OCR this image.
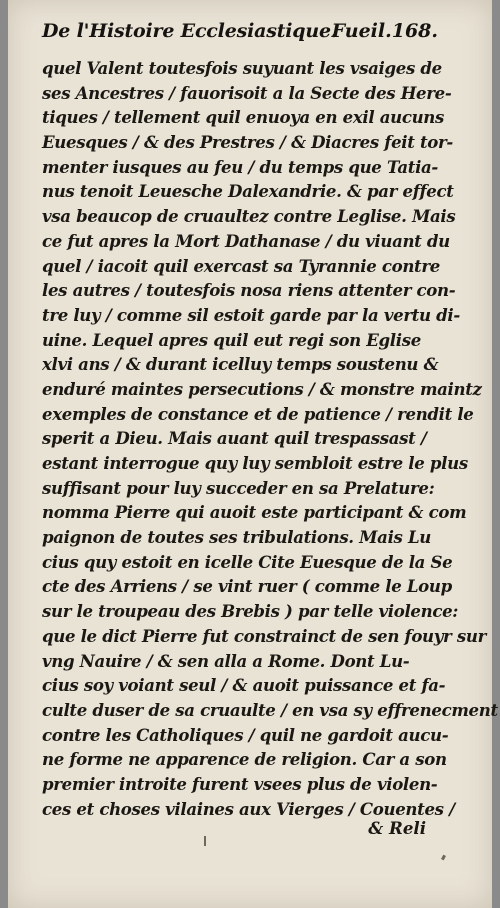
De l'Histoire Ecclesiastique.
Fueil.168.
quel Valent toutesfois suyuant les vsaiges de
ses Ancestres / fauorisoit a la Secte des Here-
tiques / tellement quil enuoya en exil aucuns
Euesques / & des Prestres / & Diacres feit tor-
menter iusques au feu / du temps que Tatia-
nus tenoit Leuesche Dalexandrie. & par effect
vsa beaucop de cruaultez contre Leglise. Mais
ce fut apres la Mort Dathanase / du viuant du
quel / iacoit quil exercast sa Tyrannie contre
les autres / toutesfois nosa riens attenter con-
tre luy / comme sil estoit garde par la vertu di-
uine. Lequel apres quil eut regi son Eglise
xlvi ans / & durant icelluy temps soustenu &
enduré maintes persecutions / & monstre maintz
exemples de constance et de patience / rendit le
sperit a Dieu. Mais auant quil trespassast /
estant interrogue quy luy sembloit estre le plus
suffisant pour luy succeder en sa Prelature:
nomma Pierre qui auoit este participant & com
paignon de toutes ses tribulations. Mais Lu
cius quy estoit en icelle Cite Euesque de la Se
cte des Arriens / se vint ruer ( comme le Loup
sur le troupeau des Brebis ) par telle violence:
que le dict Pierre fut constrainct de sen fouyr sur
vng Nauire / & sen alla a Rome. Dont Lu-
cius soy voiant seul / & auoit puissance et fa-
culte duser de sa cruaulte / en vsa sy effrenecment
contre les Catholiques / quil ne gardoit aucu-
ne forme ne apparence de religion. Car a son
premier introite furent vsees plus de violen-
ces et choses vilaines aux Vierges / Couentes /
& Reli
